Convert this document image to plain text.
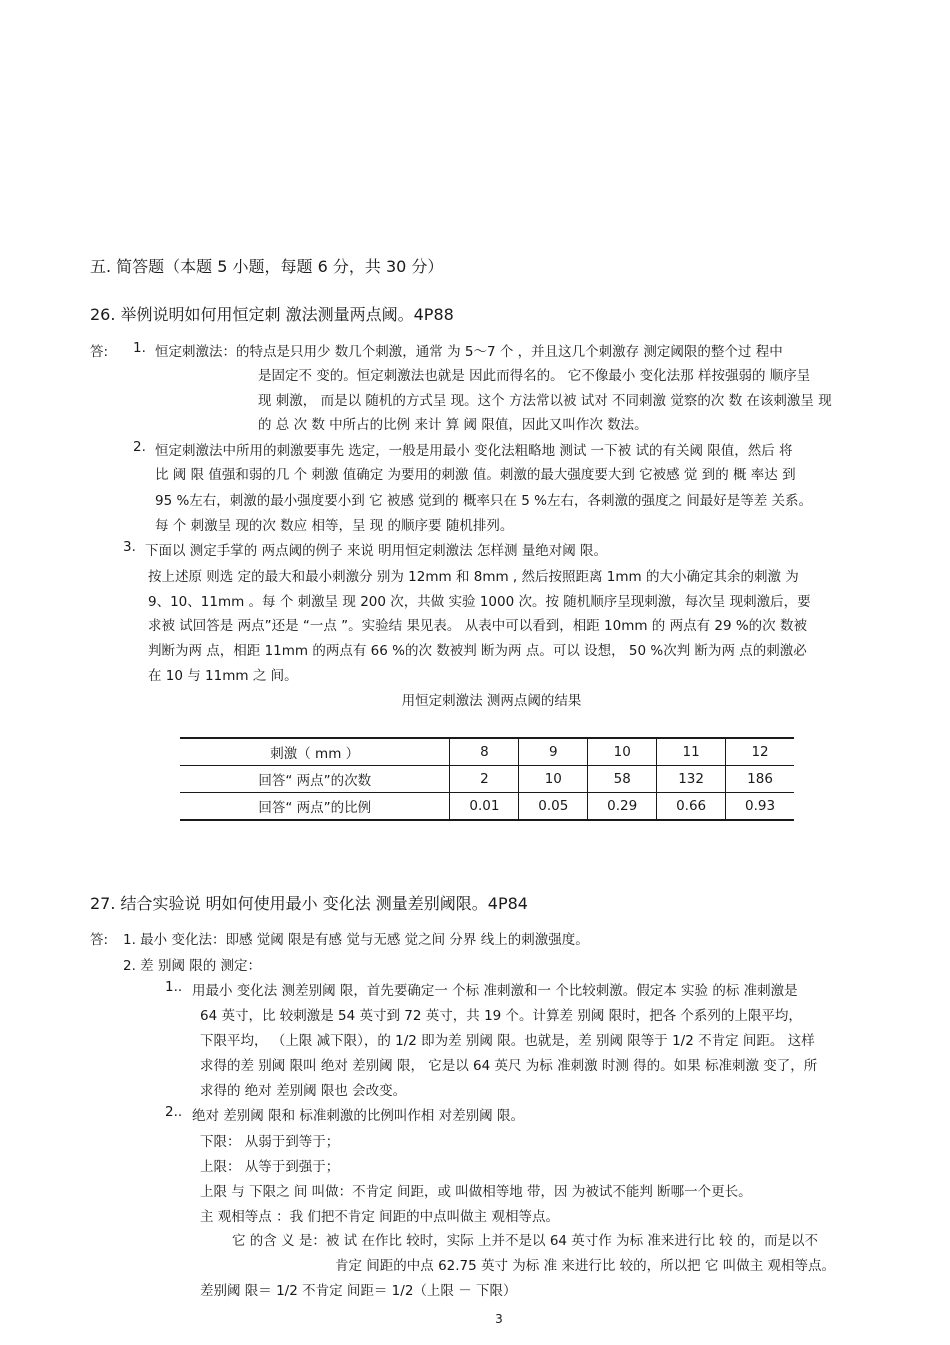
五. 简答题（本题 5 小题，每题 6 分，共 30 分）
26. 举例说明如何用恒定刺 激法测量两点阈。4P88
答: 1. 恒定刺激法：的特点是只用少 数几个刺激，通常 为 5～7 个 ，并且这几个刺激存 测定阈限的整个过 程中
是固定不 变的。恒定刺激法也就是 因此而得名的。 它不像最小 变化法那 样按强弱的 顺序呈
现 刺激， 而是以 随机的方式呈 现。这个 方法常以被 试对 不同刺激 觉察的次 数 在该刺激呈 现
的 总 次 数 中所占的比例 来计 算 阈 限值，因此又叫作次 数法。
2. 恒定刺激法中所用的刺激要事先 选定，一般是用最小 变化法粗略地 测试 一下被 试的有关阈 限值，然后 将
比 阈 限 值强和弱的几 个 刺激 值确定 为要用的刺激 值。刺激的最大强度要大到 它被感 觉 到的 概 率达 到
95 %左右，刺激的最小强度要小到 它 被感 觉到的 概率只在 5 %左右，各刺激的强度之 间最好是等差 关系。
每 个 刺激呈 现的次 数应 相等，呈 现 的顺序要 随机排列。
3. 下面以 测定手掌的 两点阈的例子 来说 明用恒定刺激法 怎样测 量绝对阈 限。
按上述原 则选 定的最大和最小刺激分 别为 12mm 和 8mm , 然后按照距离 1mm 的大小确定其余的刺激 为
9、10、11mm 。每 个 刺激呈 现 200 次，共做 实验 1000 次。按 随机顺序呈现刺激，每次呈 现刺激后，要
求被 试回答是 两点”还是 “一点 ”。实验结 果见表。 从表中可以看到，相距 10mm 的 两点有 29 %的次 数被
判断为两 点，相距 11mm 的两点有 66 %的次 数被判 断为两 点。可以 设想， 50 %次判 断为两 点的刺激必
在 10 与 11mm 之 间。
用恒定刺激法 测两点阈的结果
刺激（ mm ）	8	9	10	11	12
回答“ 两点”的次数	2	10	58	132	186
回答“ 两点”的比例	0.01	0.05	0.29	0.66	0.93
27. 结合实验说 明如何使用最小 变化法 测量差别阈限。4P84
答: 1. 最小 变化法：即感 觉阈 限是有感 觉与无感 觉之间 分界 线上的刺激强度。
2. 差 别阈 限的 测定：
1.. 用最小 变化法 测差别阈 限，首先要确定一 个标 准刺激和一 个比较刺激。假定本 实验 的标 准刺激是
64 英寸，比 较刺激是 54 英寸到 72 英寸，共 19 个。计算差 别阈 限时，把各 个系列的上限平均，
下限平均， （上限 减下限），的 1/2 即为差 别阈 限。也就是，差 别阈 限等于 1/2 不肯定 间距。 这样
求得的差 别阈 限叫 绝对 差别阈 限， 它是以 64 英尺 为标 准刺激 时测 得的。如果 标准刺激 变了，所
求得的 绝对 差别阈 限也 会改变。
2.. 绝对 差别阈 限和 标准刺激的比例叫作相 对差别阈 限。
下限： 从弱于到等于；
上限： 从等于到强于；
上限 与 下限之 间 叫做：不肯定 间距，或 叫做相等地 带，因 为被试不能判 断哪一个更长。
主 观相等点 ：我 们把不肯定 间距的中点叫做主 观相等点。
它 的含 义 是：被 试 在作比 较时，实际 上并不是以 64 英寸作 为标 准来进行比 较 的，而是以不
肯定 间距的中点 62.75 英寸 为标 准 来进行比 较的，所以把 它 叫做主 观相等点。
差别阈 限＝ 1/2 不肯定 间距＝ 1/2（上限 － 下限）
3
